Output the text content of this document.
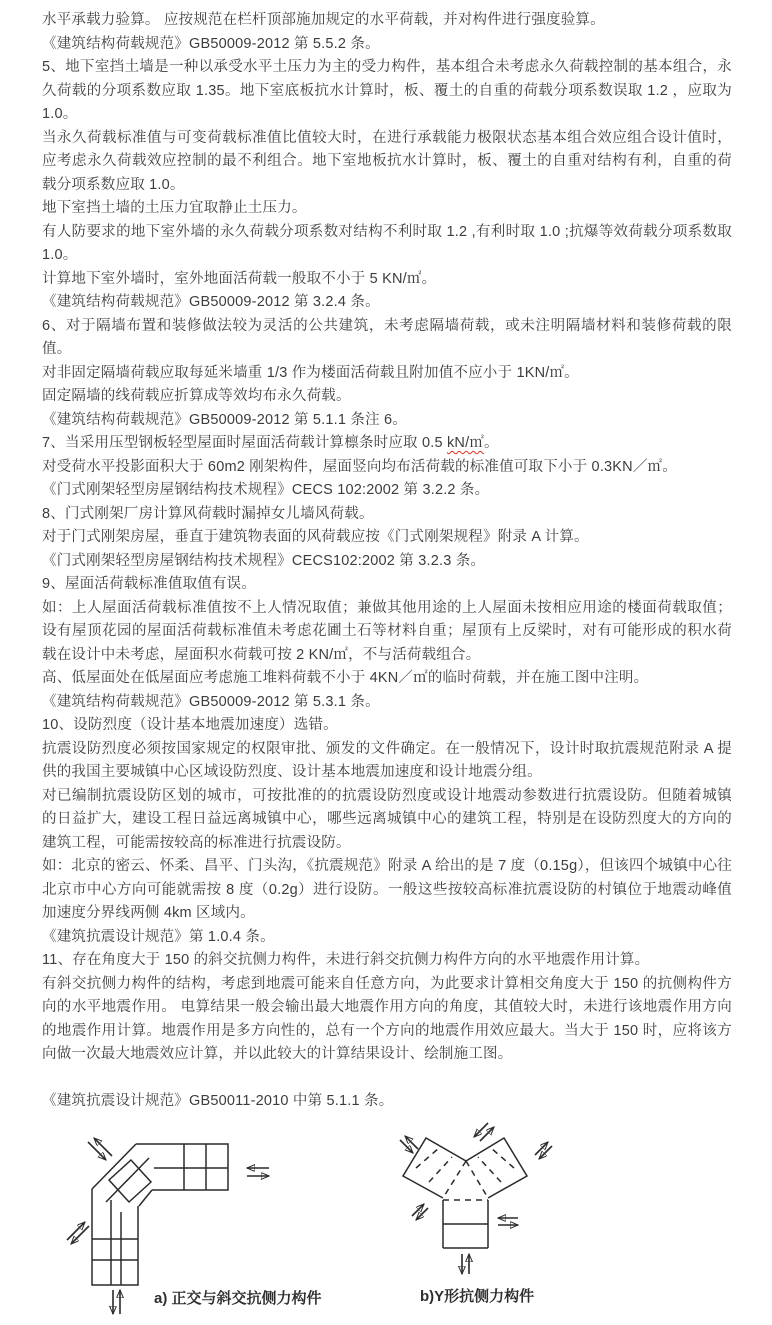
水平承载力验算。 应按规范在栏杆顶部施加规定的水平荷载，并对构件进行强度验算。
《建筑结构荷载规范》GB50009-2012 第 5.5.2 条。
5、地下室挡土墙是一种以承受水平土压力为主的受力构件，基本组合未考虑永久荷载控制的基本组合，永久荷载的分项系数应取 1.35。地下室底板抗水计算时，板、覆土的自重的荷载分项系数误取 1.2 ，应取为 1.0。
当永久荷载标准值与可变荷载标准值比值较大时，在进行承载能力极限状态基本组合效应组合设计值时，应考虑永久荷载效应控制的最不利组合。地下室地板抗水计算时，板、覆土的自重对结构有利，自重的荷载分项系数应取 1.0。
地下室挡土墙的土压力宜取静止土压力。
有人防要求的地下室外墙的永久荷载分项系数对结构不利时取 1.2 ,有利时取 1.0 ;抗爆等效荷载分项系数取 1.0。
计算地下室外墙时，室外地面活荷载一般取不小于 5 KN/㎡。
《建筑结构荷载规范》GB50009-2012 第 3.2.4 条。
6、对于隔墙布置和装修做法较为灵活的公共建筑，未考虑隔墙荷载，或未注明隔墙材料和装修荷载的限值。
对非固定隔墙荷载应取每延米墙重 1/3 作为楼面活荷载且附加值不应小于 1KN/㎡。
固定隔墙的线荷载应折算成等效均布永久荷载。
《建筑结构荷载规范》GB50009-2012 第 5.1.1 条注 6。
7、当采用压型钢板轻型屋面时屋面活荷载计算檩条时应取 0.5 kN/㎡。
对受荷水平投影面积大于 60m2 刚架构件，屋面竖向均布活荷载的标准值可取下小于 0.3KN／㎡。
《门式刚架轻型房屋钢结构技术规程》CECS 102:2002 第 3.2.2 条。
8、门式刚架厂房计算风荷载时漏掉女儿墙风荷载。
对于门式刚架房屋，垂直于建筑物表面的风荷载应按《门式刚架规程》附录 A 计算。
《门式刚架轻型房屋钢结构技术规程》CECS102:2002 第 3.2.3 条。
9、屋面活荷载标准值取值有误。
如：上人屋面活荷载标准值按不上人情况取值；兼做其他用途的上人屋面未按相应用途的楼面荷载取值；设有屋顶花园的屋面活荷载标准值未考虑花圃土石等材料自重；屋顶有上反梁时，对有可能形成的积水荷载在设计中未考虑，屋面积水荷载可按 2 KN/㎡，不与活荷载组合。
高、低屋面处在低屋面应考虑施工堆料荷载不小于 4KN／㎡的临时荷载，并在施工图中注明。
《建筑结构荷载规范》GB50009-2012 第 5.3.1 条。
10、设防烈度（设计基本地震加速度）选错。
抗震设防烈度必须按国家规定的权限审批、颁发的文件确定。在一般情况下，设计时取抗震规范附录 A 提供的我国主要城镇中心区域设防烈度、设计基本地震加速度和设计地震分组。
对已编制抗震设防区划的城市，可按批准的的抗震设防烈度或设计地震动参数进行抗震设防。但随着城镇的日益扩大，建设工程日益远离城镇中心，哪些远离城镇中心的建筑工程，特别是在设防烈度大的方向的建筑工程，可能需按较高的标准进行抗震设防。
如：北京的密云、怀柔、昌平、门头沟，《抗震规范》附录 A 给出的是 7 度（0.15g），但该四个城镇中心往北京市中心方向可能就需按 8 度（0.2g）进行设防。一般这些按较高标准抗震设防的村镇位于地震动峰值加速度分界线两侧 4km 区域内。
《建筑抗震设计规范》第 1.0.4 条。
11、存在角度大于 150 的斜交抗侧力构件，未进行斜交抗侧力构件方向的水平地震作用计算。
有斜交抗侧力构件的结构，考虑到地震可能来自任意方向，为此要求计算相交角度大于 150 的抗侧构件方向的水平地震作用。 电算结果一般会输出最大地震作用方向的角度，其值较大时，未进行该地震作用方向的地震作用计算。地震作用是多方向性的，总有一个方向的地震作用效应最大。当大于 150 时，应将该方向做一次最大地震效应计算，并以此较大的计算结果设计、绘制施工图。
《建筑抗震设计规范》GB50011-2010 中第 5.1.1 条。
a) 正交与斜交抗侧力构件	b)Y形抗侧力构件
